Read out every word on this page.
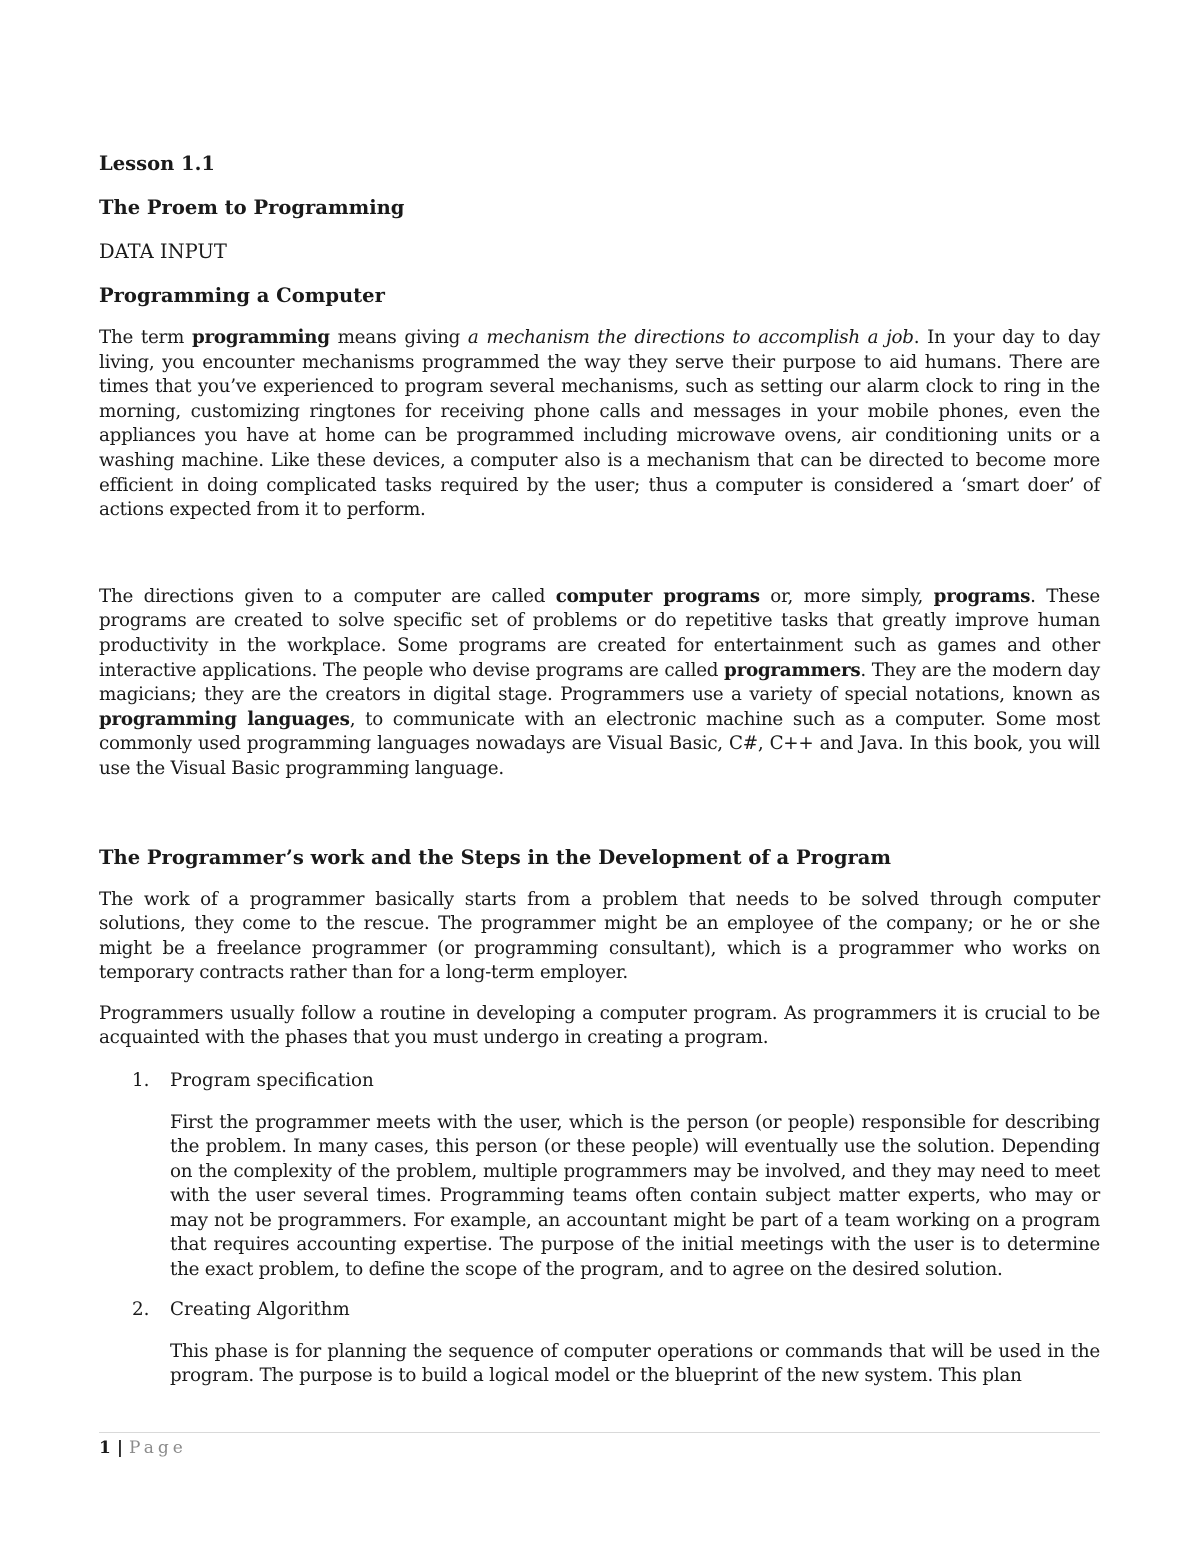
Lesson 1.1
The Proem to Programming
DATA INPUT
Programming a Computer

The term programming means giving a mechanism the directions to accomplish a job. In your day to day living, you encounter mechanisms programmed the way they serve their purpose to aid humans. There are times that you’ve experienced to program several mechanisms, such as setting our alarm clock to ring in the morning, customizing ringtones for receiving phone calls and messages in your mobile phones, even the appliances you have at home can be programmed including microwave ovens, air conditioning units or a washing machine. Like these devices, a computer also is a mechanism that can be directed to become more efficient in doing complicated tasks required by the user; thus a computer is considered a ‘smart doer’ of actions expected from it to perform.

The directions given to a computer are called computer programs or, more simply, programs. These programs are created to solve specific set of problems or do repetitive tasks that greatly improve human productivity in the workplace. Some programs are created for entertainment such as games and other interactive applications. The people who devise programs are called programmers. They are the modern day magicians; they are the creators in digital stage. Programmers use a variety of special notations, known as programming languages, to communicate with an electronic machine such as a computer. Some most commonly used programming languages nowadays are Visual Basic, C#, C++ and Java. In this book, you will use the Visual Basic programming language.

The Programmer’s work and the Steps in the Development of a Program

The work of a programmer basically starts from a problem that needs to be solved through computer solutions, they come to the rescue. The programmer might be an employee of the company; or he or she might be a freelance programmer (or programming consultant), which is a programmer who works on temporary contracts rather than for a long-term employer.

Programmers usually follow a routine in developing a computer program. As programmers it is crucial to be acquainted with the phases that you must undergo in creating a program.

1. Program specification

First the programmer meets with the user, which is the person (or people) responsible for describing the problem. In many cases, this person (or these people) will eventually use the solution. Depending on the complexity of the problem, multiple programmers may be involved, and they may need to meet with the user several times. Programming teams often contain subject matter experts, who may or may not be programmers. For example, an accountant might be part of a team working on a program that requires accounting expertise. The purpose of the initial meetings with the user is to determine the exact problem, to define the scope of the program, and to agree on the desired solution.

2. Creating Algorithm

This phase is for planning the sequence of computer operations or commands that will be used in the program. The purpose is to build a logical model or the blueprint of the new system. This plan

1 | Page
